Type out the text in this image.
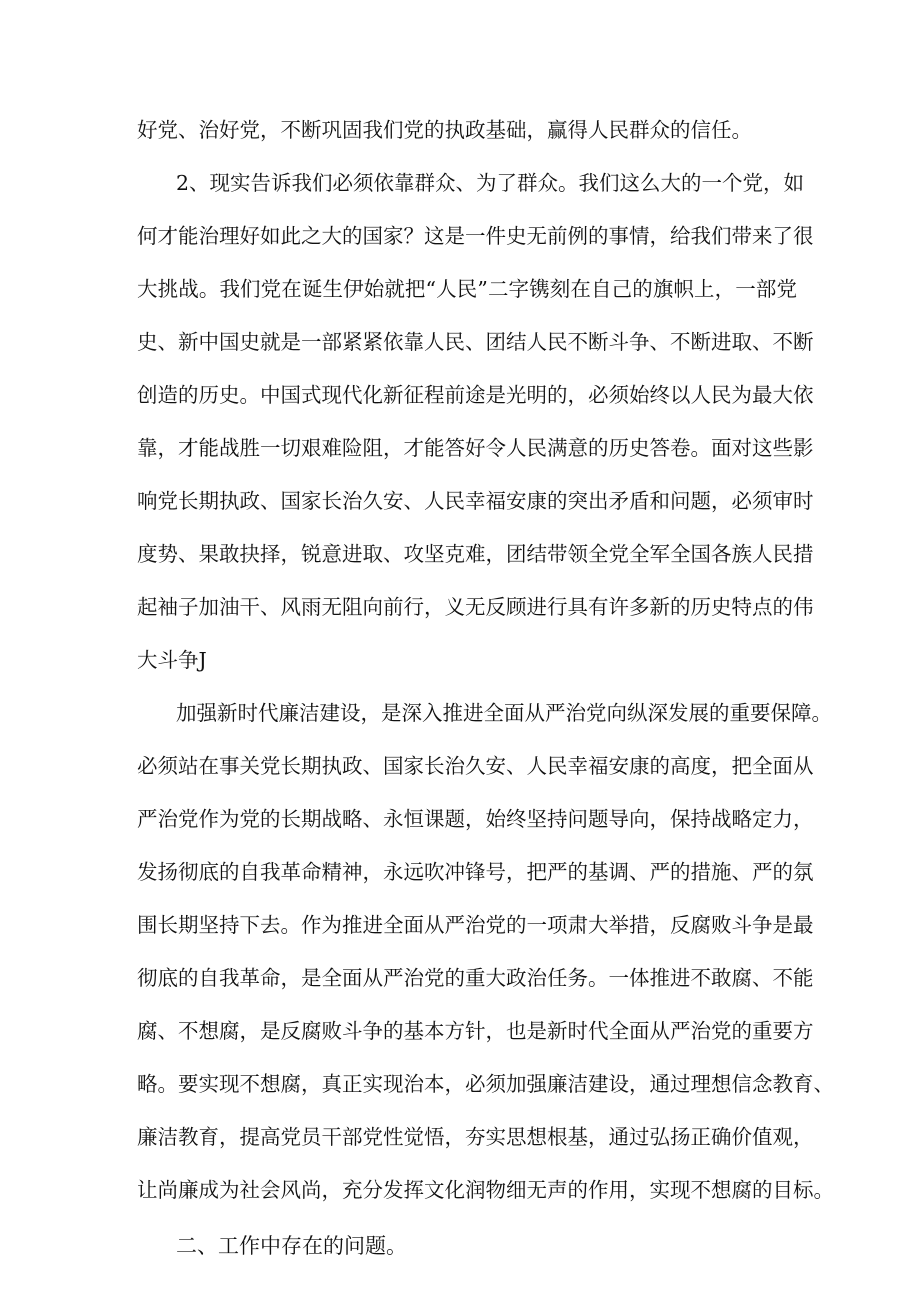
好党、治好党，不断巩固我们党的执政基础，赢得人民群众的信任。
2、现实告诉我们必须依靠群众、为了群众。我们这么大的一个党，如
何才能治理好如此之大的国家？这是一件史无前例的事情，给我们带来了很
大挑战。我们党在诞生伊始就把“人民”二字镌刻在自己的旗帜上，一部党
史、新中国史就是一部紧紧依靠人民、团结人民不断斗争、不断进取、不断
创造的历史。中国式现代化新征程前途是光明的，必须始终以人民为最大依
靠，才能战胜一切艰难险阻，才能答好令人民满意的历史答卷。面对这些影
响党长期执政、国家长治久安、人民幸福安康的突出矛盾和问题，必须审时
度势、果敢抉择，锐意进取、攻坚克难，团结带领全党全军全国各族人民措
起袖子加油干、风雨无阻向前行，义无反顾进行具有许多新的历史特点的伟
大斗争J
加强新时代廉洁建设，是深入推进全面从严治党向纵深发展的重要保障。
必须站在事关党长期执政、国家长治久安、人民幸福安康的高度，把全面从
严治党作为党的长期战略、永恒课题，始终坚持问题导向，保持战略定力，
发扬彻底的自我革命精神，永远吹冲锋号，把严的基调、严的措施、严的氛
围长期坚持下去。作为推进全面从严治党的一项肃大举措，反腐败斗争是最
彻底的自我革命，是全面从严治党的重大政治任务。一体推进不敢腐、不能
腐、不想腐，是反腐败斗争的基本方针，也是新时代全面从严治党的重要方
略。要实现不想腐，真正实现治本，必须加强廉洁建设，通过理想信念教育、
廉洁教育，提高党员干部党性觉悟，夯实思想根基，通过弘扬正确价值观，
让尚廉成为社会风尚，充分发挥文化润物细无声的作用，实现不想腐的目标。
二、工作中存在的问题。
